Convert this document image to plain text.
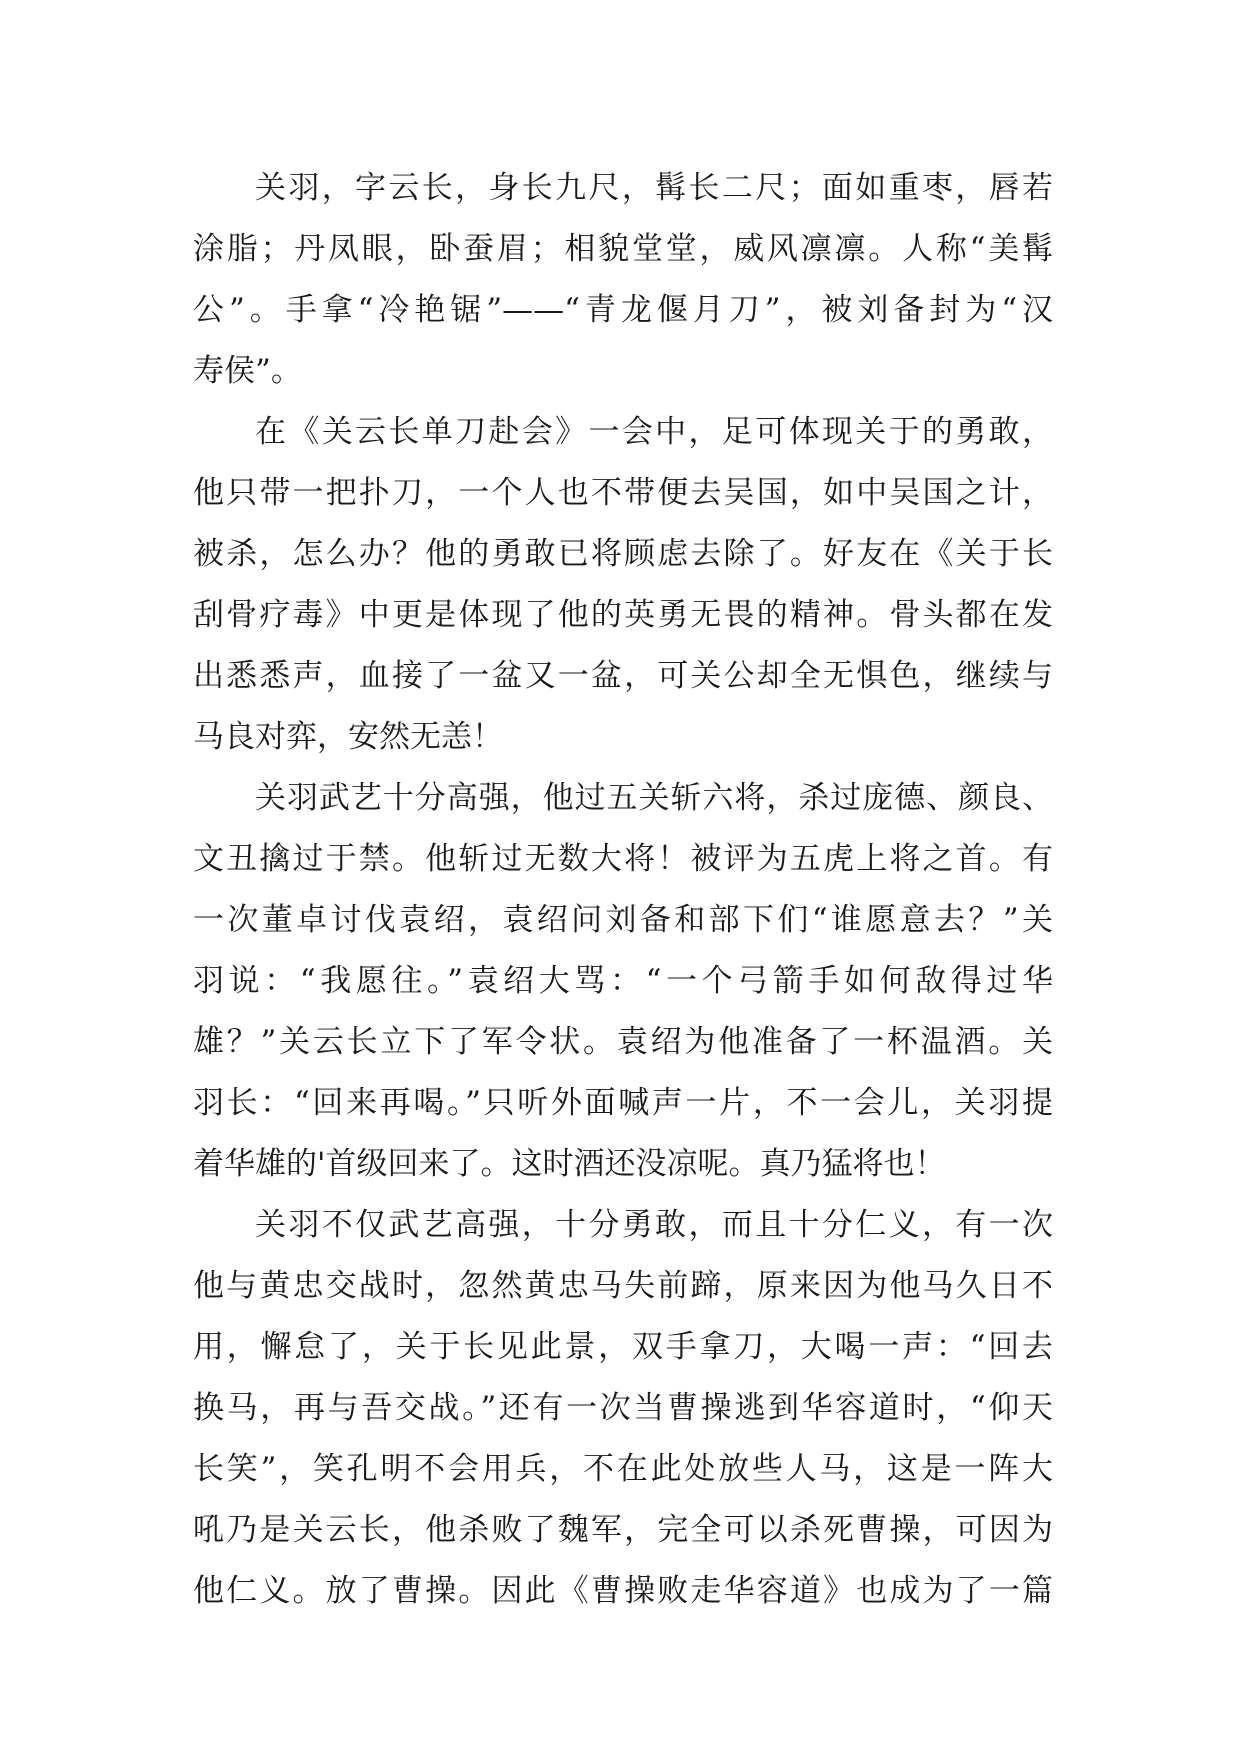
关羽，字云长，身长九尺，髯长二尺；面如重枣，唇若
涂脂；丹凤眼，卧蚕眉；相貌堂堂，威风凛凛。人称“美髯
公”。手拿“冷艳锯”——“青龙偃月刀”，被刘备封为“汉
寿侯”。
在《关云长单刀赴会》一会中，足可体现关于的勇敢，
他只带一把扑刀，一个人也不带便去吴国，如中吴国之计，
被杀，怎么办？他的勇敢已将顾虑去除了。好友在《关于长
刮骨疗毒》中更是体现了他的英勇无畏的精神。骨头都在发
出悉悉声，血接了一盆又一盆，可关公却全无惧色，继续与
马良对弈，安然无恙！
关羽武艺十分高强，他过五关斩六将，杀过庞德、颜良、
文丑擒过于禁。他斩过无数大将！被评为五虎上将之首。有
一次董卓讨伐袁绍，袁绍问刘备和部下们“谁愿意去？”关
羽说：“我愿往。”袁绍大骂：“一个弓箭手如何敌得过华
雄？”关云长立下了军令状。袁绍为他准备了一杯温酒。关
羽长：“回来再喝。”只听外面喊声一片，不一会儿，关羽提
着华雄的'首级回来了。这时酒还没凉呢。真乃猛将也！
关羽不仅武艺高强，十分勇敢，而且十分仁义，有一次
他与黄忠交战时，忽然黄忠马失前蹄，原来因为他马久日不
用，懈怠了，关于长见此景，双手拿刀，大喝一声：“回去
换马，再与吾交战。”还有一次当曹操逃到华容道时，“仰天
长笑”，笑孔明不会用兵，不在此处放些人马，这是一阵大
吼乃是关云长，他杀败了魏军，完全可以杀死曹操，可因为
他仁义。放了曹操。因此《曹操败走华容道》也成为了一篇
